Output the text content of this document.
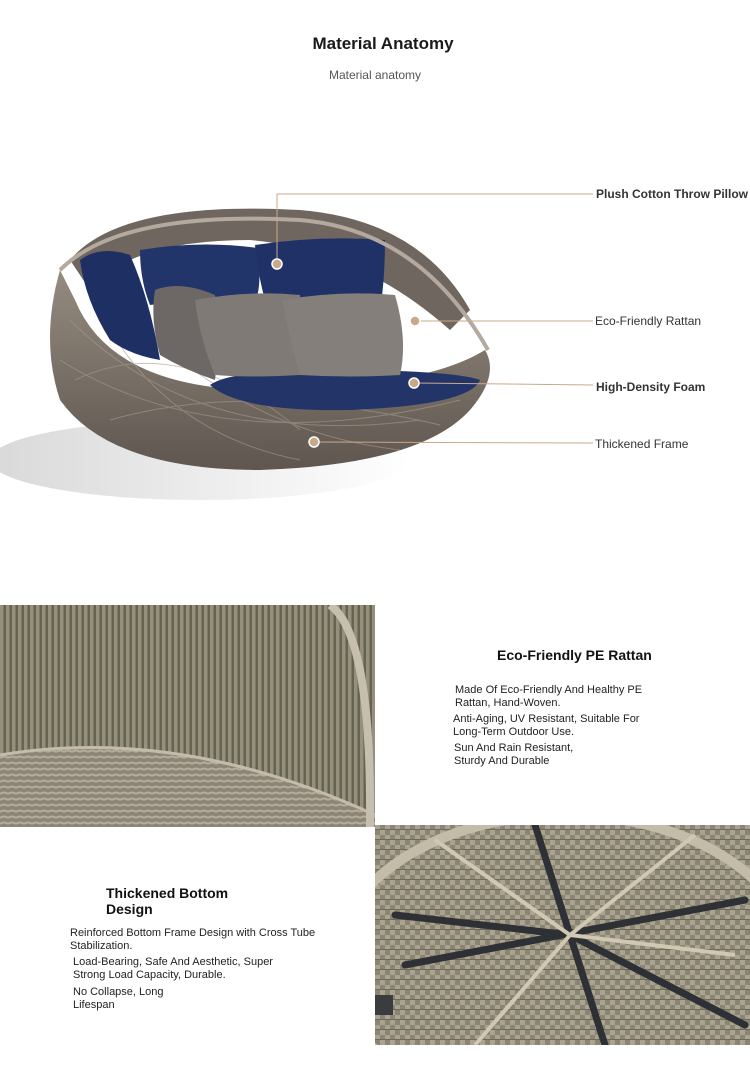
Material Anatomy
Material anatomy
Plush Cotton Throw Pillow
Eco-Friendly Rattan
High-Density Foam
Thickened Frame
Eco-Friendly PE Rattan
Made Of Eco-Friendly And Healthy PE Rattan, Hand-Woven.
Anti-Aging, UV Resistant, Suitable For Long-Term Outdoor Use.
Sun And Rain Resistant, Sturdy And Durable
Thickened Bottom Design
Reinforced Bottom Frame Design with Cross Tube Stabilization.
Load-Bearing, Safe And Aesthetic, Super Strong Load Capacity, Durable.
No Collapse, Long Lifespan
